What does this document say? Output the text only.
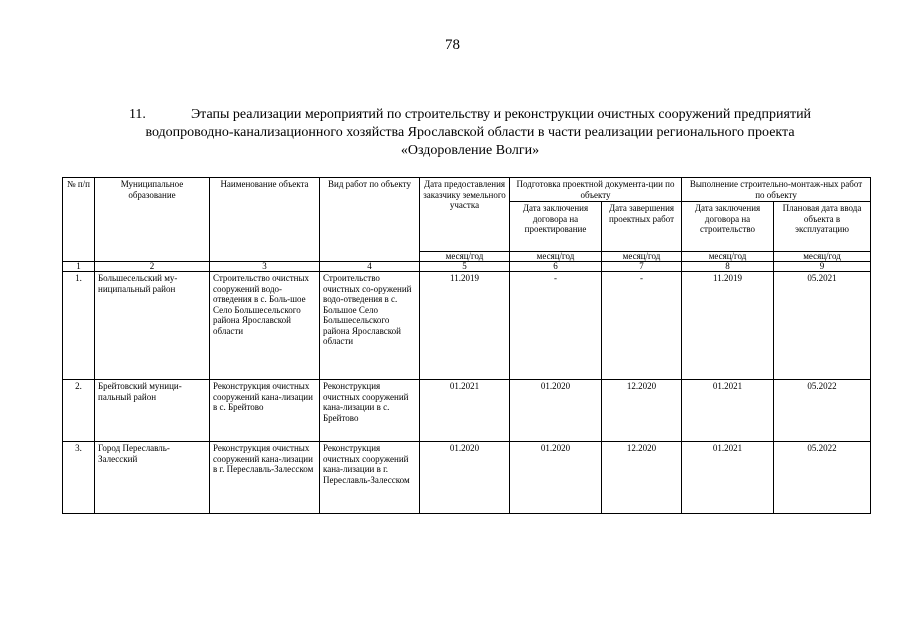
78
11.	Этапы реализации мероприятий по строительству и реконструкции очистных сооружений предприятий
водопроводно-канализационного хозяйства Ярославской области в части реализации регионального проекта
«Оздоровление Волги»
№ п/п	Муниципальное образование	Наименование объекта	Вид работ по объекту	Дата предоставления заказчику земельного участка	Подготовка проектной документа-ции по объекту		Выполнение строительно-монтаж-ных работ по объекту	
					Дата заключения договора на проектирование	Дата завершения проектных работ	Дата заключения договора на строительство	Плановая дата ввода объекта в эксплуатацию
				месяц/год	месяц/год	месяц/год	месяц/год	месяц/год
1	2	3	4	5	6	7	8	9
1.	Большесельский му-ниципальный район	Строительство очистных сооружений водо-отведения в с. Боль-шое Село Большесельского района Ярославской области	Строительство очистных со-оружений водо-отведения в с. Большое Село Большесельского района Ярославской области	11.2019	-	-	11.2019	05.2021
2.	Брейтовский муници-пальный район	Реконструкция очистных сооружений кана-лизации в с. Брейтово	Реконструкция очистных сооружений кана-лизации в с. Брейтово	01.2021	01.2020	12.2020	01.2021	05.2022
3.	Город Переславль-Залесский	Реконструкция очистных сооружений кана-лизации в г. Переславль-Залесском	Реконструкция очистных сооружений кана-лизации в г. Переславль-Залесском	01.2020	01.2020	12.2020	01.2021	05.2022
